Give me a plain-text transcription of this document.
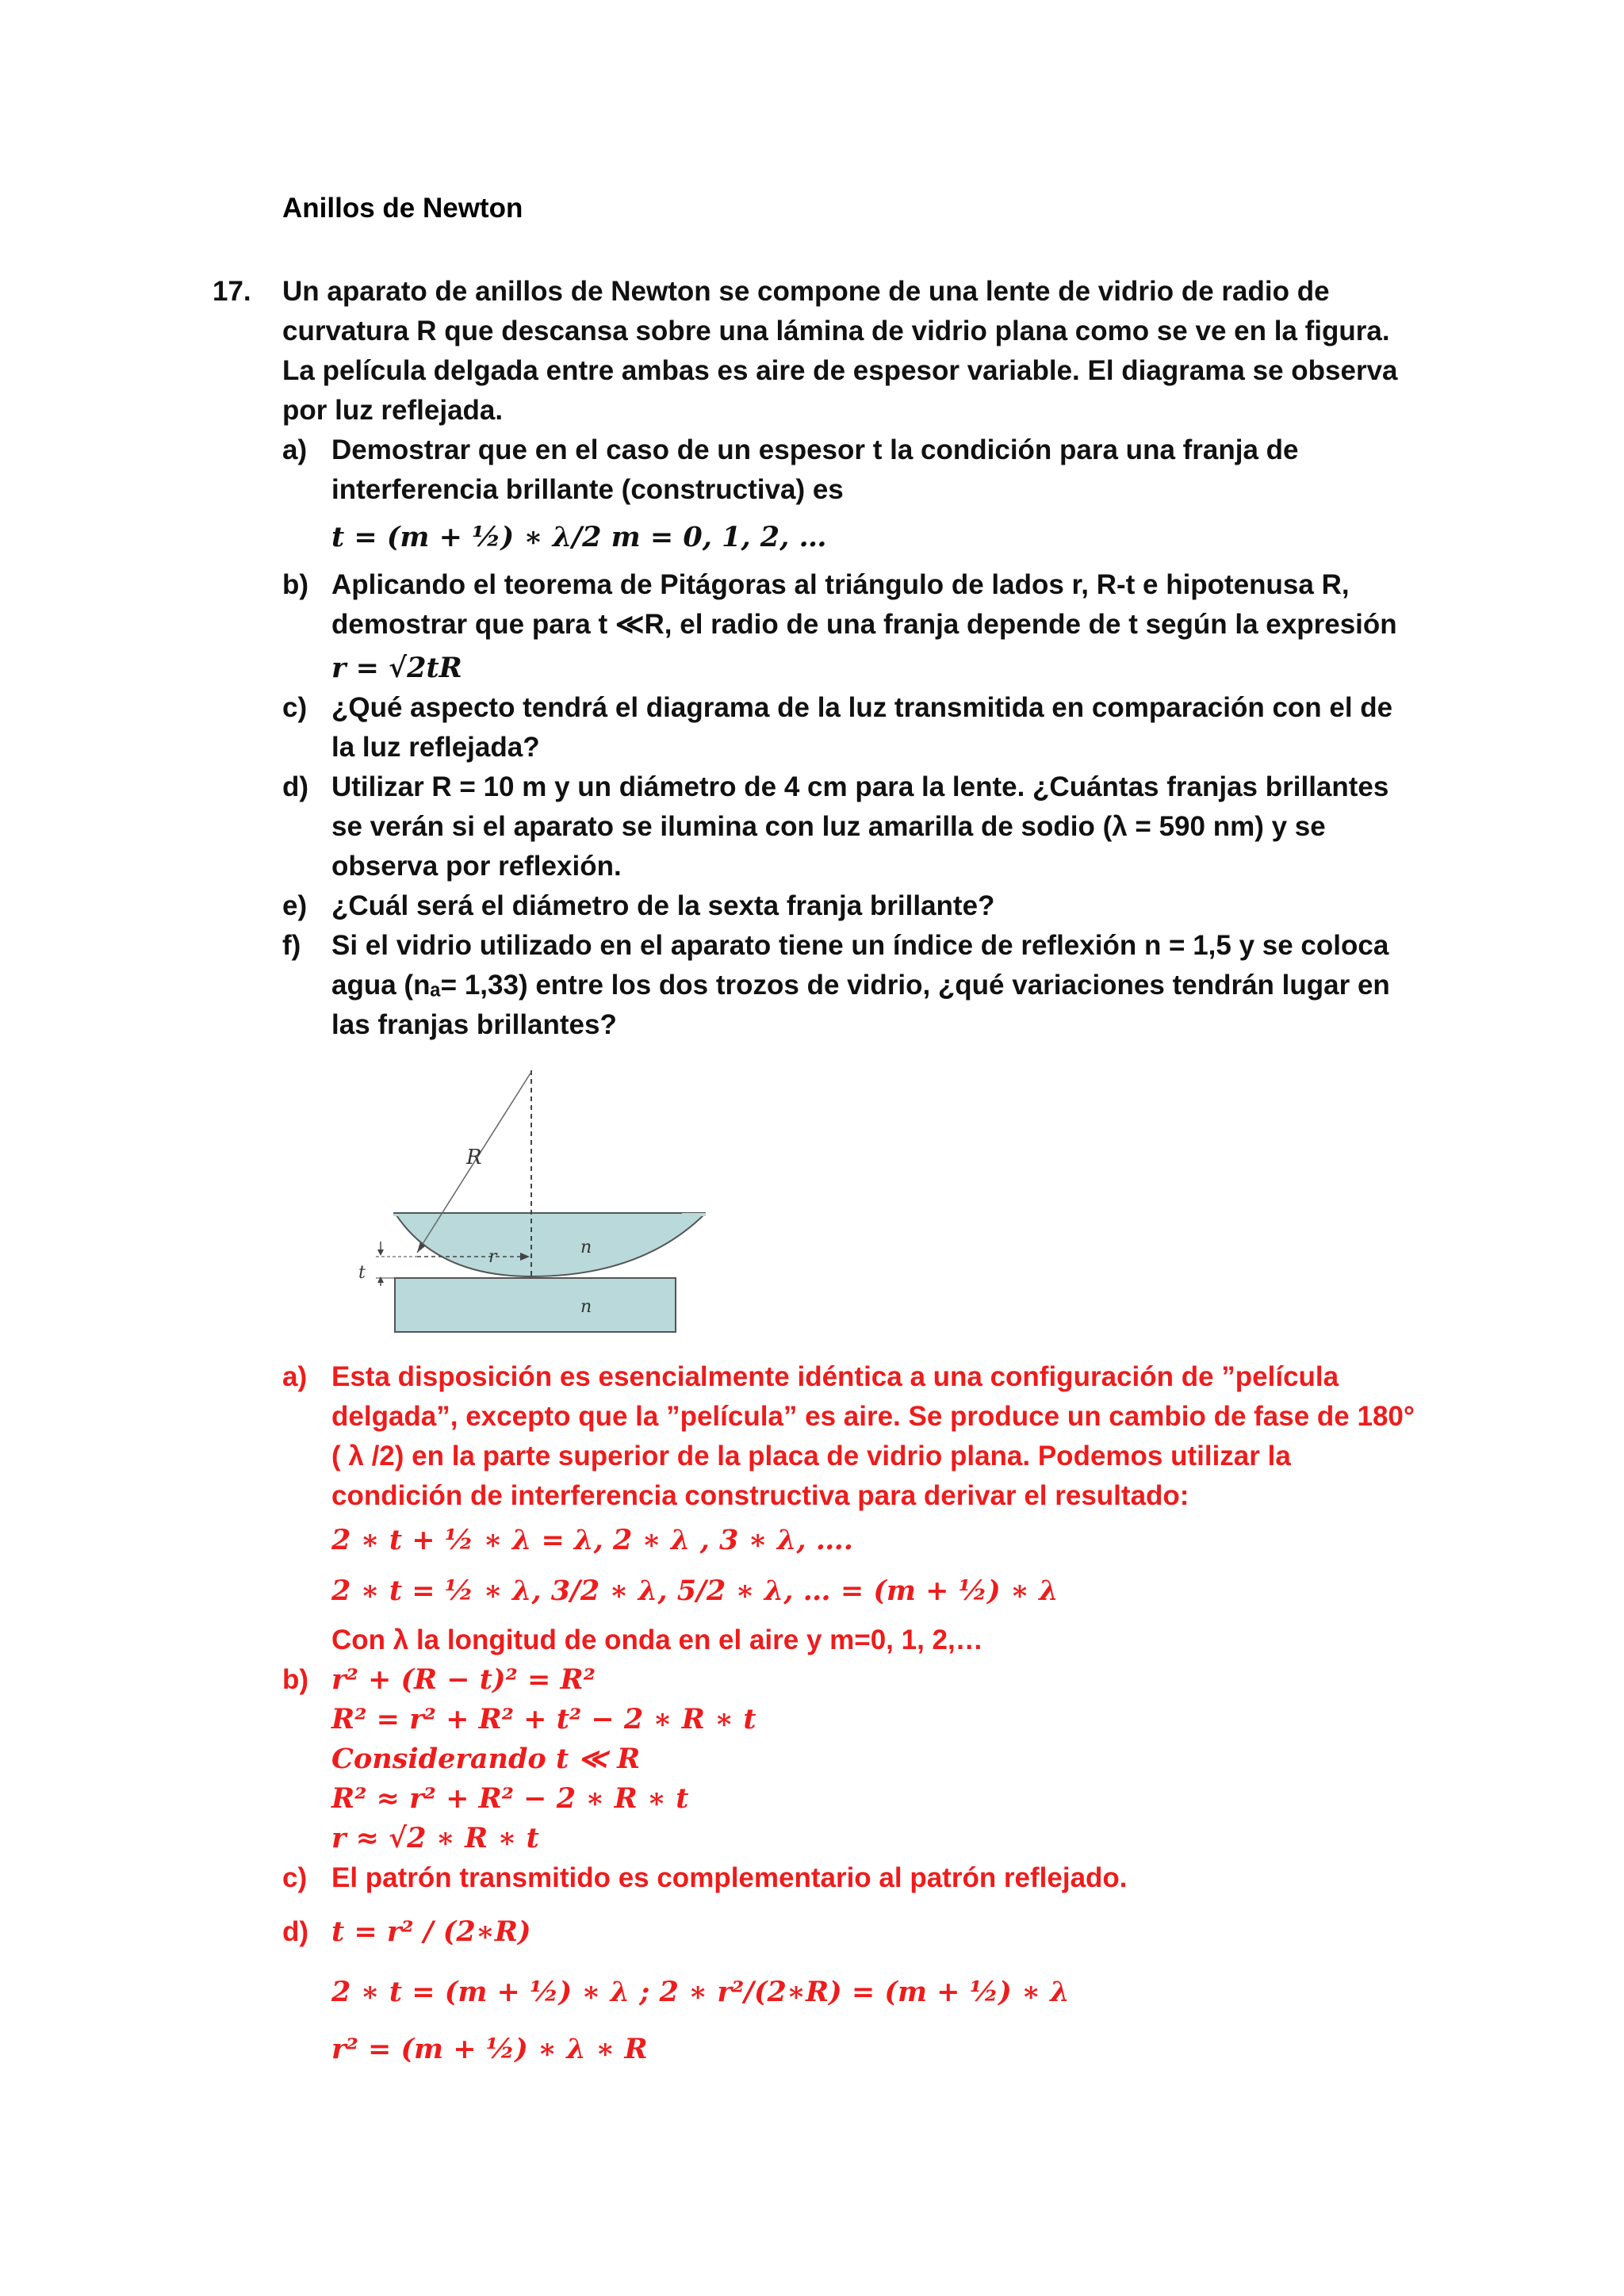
Anillos de Newton
17. Un aparato de anillos de Newton se compone de una lente de vidrio de radio de curvatura R que descansa sobre una lámina de vidrio plana como se ve en la figura. La película delgada entre ambas es aire de espesor variable. El diagrama se observa por luz reflejada.
a) Demostrar que en el caso de un espesor t la condición para una franja de interferencia brillante (constructiva) es
t = (m + ½) ∗ λ/2 m = 0, 1, 2, …
b) Aplicando el teorema de Pitágoras al triángulo de lados r, R-t e hipotenusa R, demostrar que para t ≪R, el radio de una franja depende de t según la expresión
r = √2tR
c) ¿Qué aspecto tendrá el diagrama de la luz transmitida en comparación con el de la luz reflejada?
d) Utilizar R = 10 m y un diámetro de 4 cm para la lente. ¿Cuántas franjas brillantes se verán si el aparato se ilumina con luz amarilla de sodio (λ = 590 nm) y se observa por reflexión.
e) ¿Cuál será el diámetro de la sexta franja brillante?
f) Si el vidrio utilizado en el aparato tiene un índice de reflexión n = 1,5 y se coloca agua (nₐ= 1,33) entre los dos trozos de vidrio, ¿qué variaciones tendrán lugar en las franjas brillantes?
R
r
t
n
n
a) Esta disposición es esencialmente idéntica a una configuración de ”película delgada”, excepto que la ”película” es aire. Se produce un cambio de fase de 180° ( λ /2) en la parte superior de la placa de vidrio plana. Podemos utilizar la condición de interferencia constructiva para derivar el resultado:
2 ∗ t + ½ ∗ λ = λ, 2 ∗ λ , 3 ∗ λ, ….
2 ∗ t = ½ ∗ λ, 3/2 ∗ λ, 5/2 ∗ λ, … = (m + ½) ∗ λ
Con λ la longitud de onda en el aire y m=0, 1, 2,…
b) r² + (R − t)² = R²
R² = r² + R² + t² − 2 ∗ R ∗ t
Considerando t ≪ R
R² ≈ r² + R² − 2 ∗ R ∗ t
r ≈ √2 ∗ R ∗ t
c) El patrón transmitido es complementario al patrón reflejado.
d) t = r² / (2∗R)
2 ∗ t = (m + ½) ∗ λ ; 2 ∗ r²/(2∗R) = (m + ½) ∗ λ
r² = (m + ½) ∗ λ ∗ R
